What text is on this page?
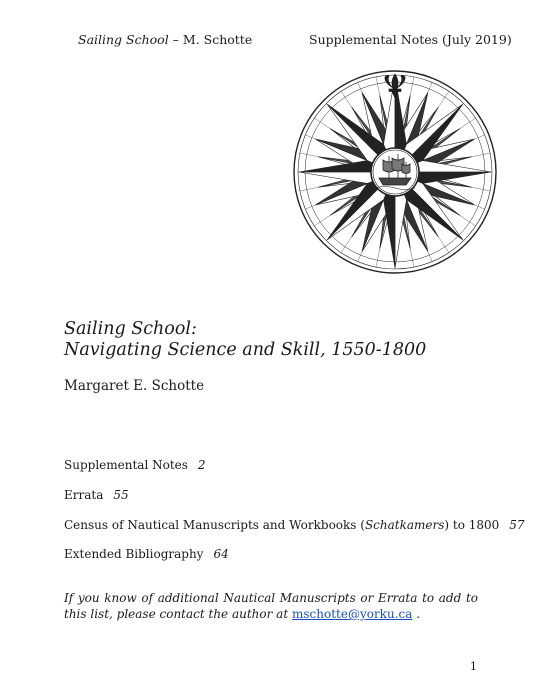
Sailing School – M. Schotte	Supplemental Notes (July 2019)
Sailing School:
Navigating Science and Skill, 1550-1800
Margaret E. Schotte
Supplemental Notes 2
Errata 55
Census of Nautical Manuscripts and Workbooks (Schatkamers) to 1800 57
Extended Bibliography 64
If you know of additional Nautical Manuscripts or Errata to add to this list, please contact the author at mschotte@yorku.ca .
1
